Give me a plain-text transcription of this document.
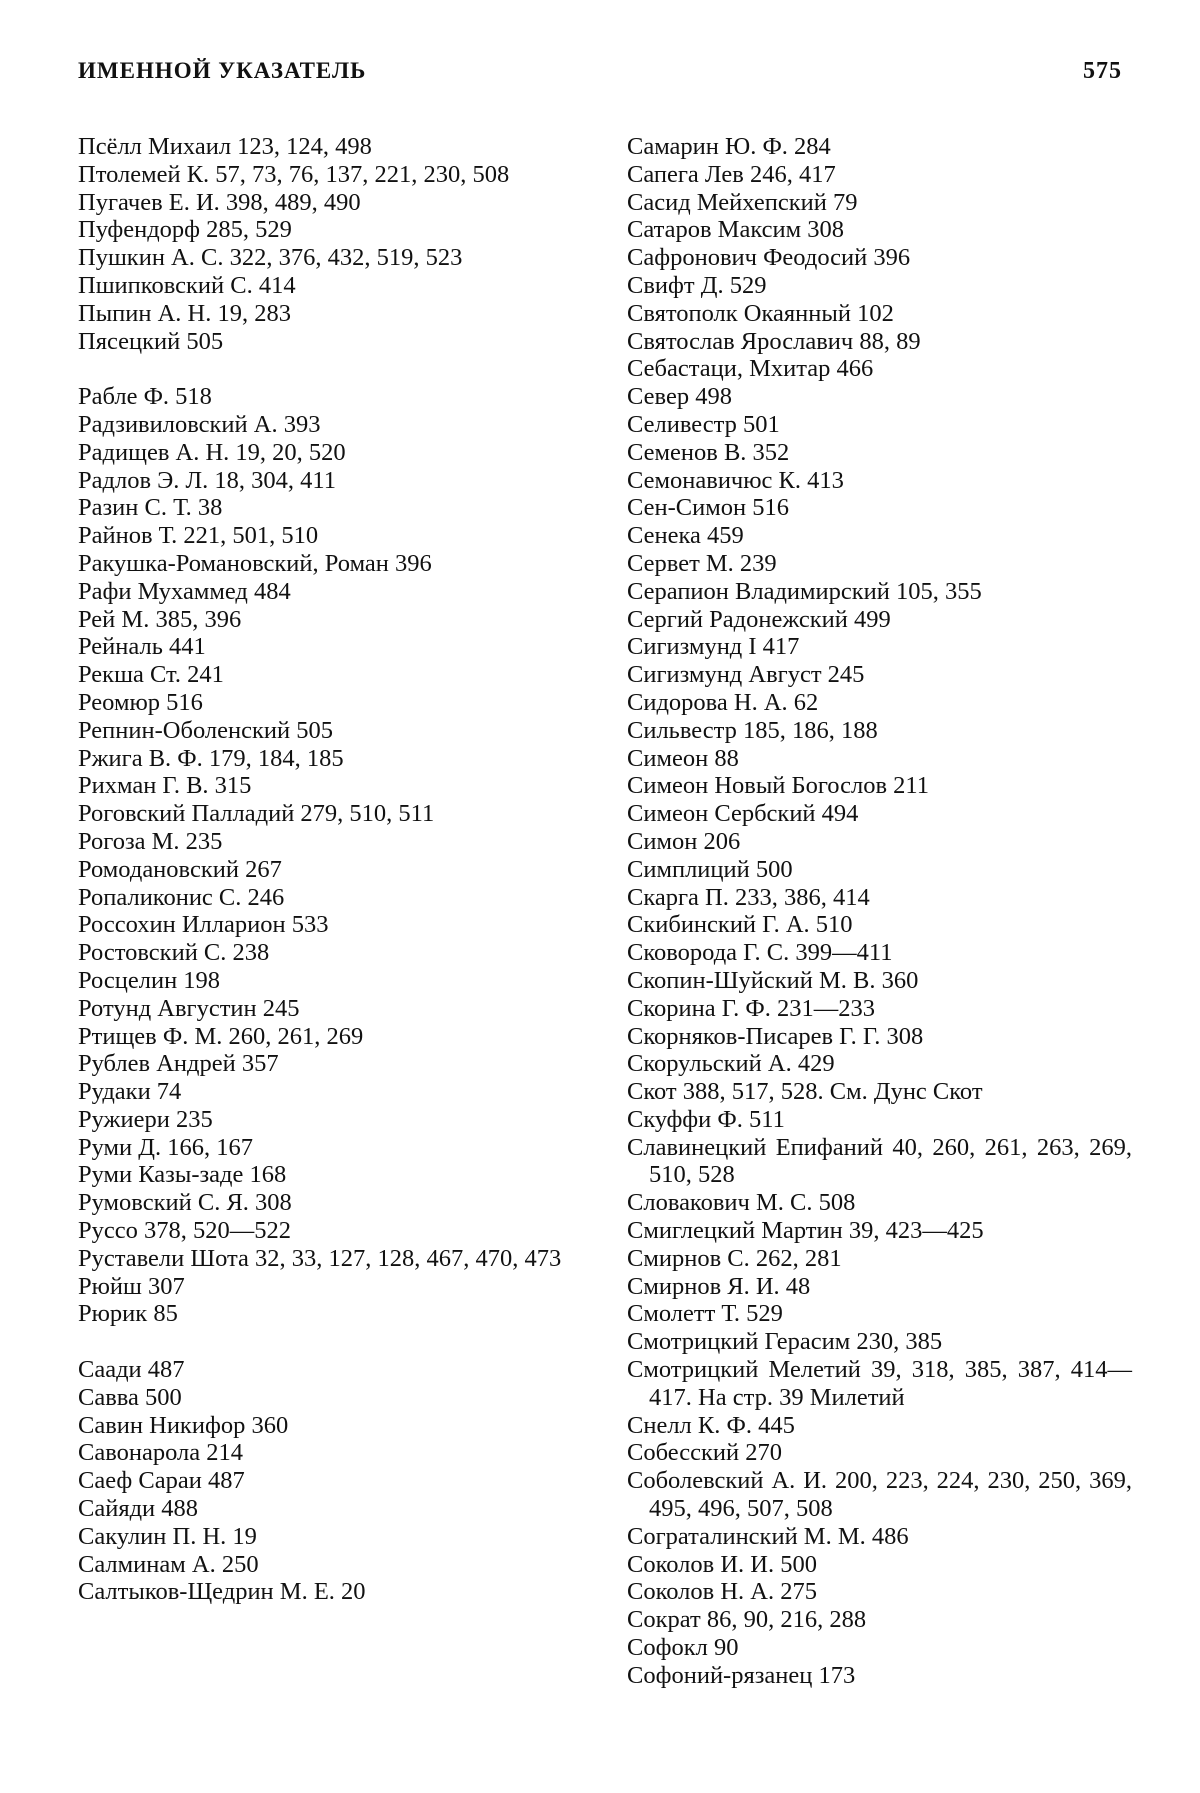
ИМЕННОЙ УКАЗАТЕЛЬ	575

Псёлл Михаил 123, 124, 498

Птолемей К. 57, 73, 76, 137, 221, 230, 508

Пугачев Е. И. 398, 489, 490

Пуфендорф 285, 529

Пушкин А. С. 322, 376, 432, 519, 523

Пшипковский С. 414

Пыпин А. Н. 19, 283

Пясецкий 505

Рабле Ф. 518

Радзивиловский А. 393

Радищев А. Н. 19, 20, 520

Радлов Э. Л. 18, 304, 411

Разин С. Т. 38

Райнов Т. 221, 501, 510

Ракушка-Романовский, Роман 396

Рафи Мухаммед 484

Рей М. 385, 396

Рейналь 441

Рекша Ст. 241

Реомюр 516

Репнин-Оболенский 505

Ржига В. Ф. 179, 184, 185

Рихман Г. В. 315

Роговский Палладий 279, 510, 511

Рогоза М. 235

Ромодановский 267

Ропаликонис С. 246

Россохин Илларион 533

Ростовский С. 238

Росцелин 198

Ротунд Августин 245

Ртищев Ф. М. 260, 261, 269

Рублев Андрей 357

Рудаки 74

Ружиери 235

Руми Д. 166, 167

Руми Казы-заде 168

Румовский С. Я. 308

Руссо 378, 520—522

Руставели Шота 32, 33, 127, 128, 467, 470, 473

Рюйш 307

Рюрик 85

Саади 487

Савва 500

Савин Никифор 360

Савонарола 214

Саеф Сараи 487

Сайяди 488

Сакулин П. Н. 19

Салминам А. 250

Салтыков-Щедрин М. Е. 20

Самарин Ю. Ф. 284

Сапега Лев 246, 417

Сасид Мейхепский 79

Сатаров Максим 308

Сафронович Феодосий 396

Свифт Д. 529

Святополк Окаянный 102

Святослав Ярославич 88, 89

Себастаци, Мхитар 466

Север 498

Селивестр 501

Семенов В. 352

Семонавичюс К. 413

Сен-Симон 516

Сенека 459

Сервет М. 239

Серапион Владимирский 105, 355

Сергий Радонежский 499

Сигизмунд I 417

Сигизмунд Август 245

Сидорова Н. А. 62

Сильвестр 185, 186, 188

Симеон 88

Симеон Новый Богослов 211

Симеон Сербский 494

Симон 206

Симплиций 500

Скарга П. 233, 386, 414

Скибинский Г. А. 510

Сковорода Г. С. 399—411

Скопин-Шуйский М. В. 360

Скорина Г. Ф. 231—233

Скорняков-Писарев Г. Г. 308

Скорульский А. 429

Скот 388, 517, 528. См. Дунс Скот

Скуффи Ф. 511

Славинецкий Епифаний 40, 260, 261, 263, 269, 510, 528

Словакович М. С. 508

Смиглецкий Мартин 39, 423—425

Смирнов С. 262, 281

Смирнов Я. И. 48

Смолетт Т. 529

Смотрицкий Герасим 230, 385

Смотрицкий Мелетий 39, 318, 385, 387, 414—417. На стр. 39 Милетий

Снелл К. Ф. 445

Собесский 270

Соболевский А. И. 200, 223, 224, 230, 250, 369, 495, 496, 507, 508

Сограталинский М. М. 486

Соколов И. И. 500

Соколов Н. А. 275

Сократ 86, 90, 216, 288

Софокл 90

Софоний-рязанец 173
